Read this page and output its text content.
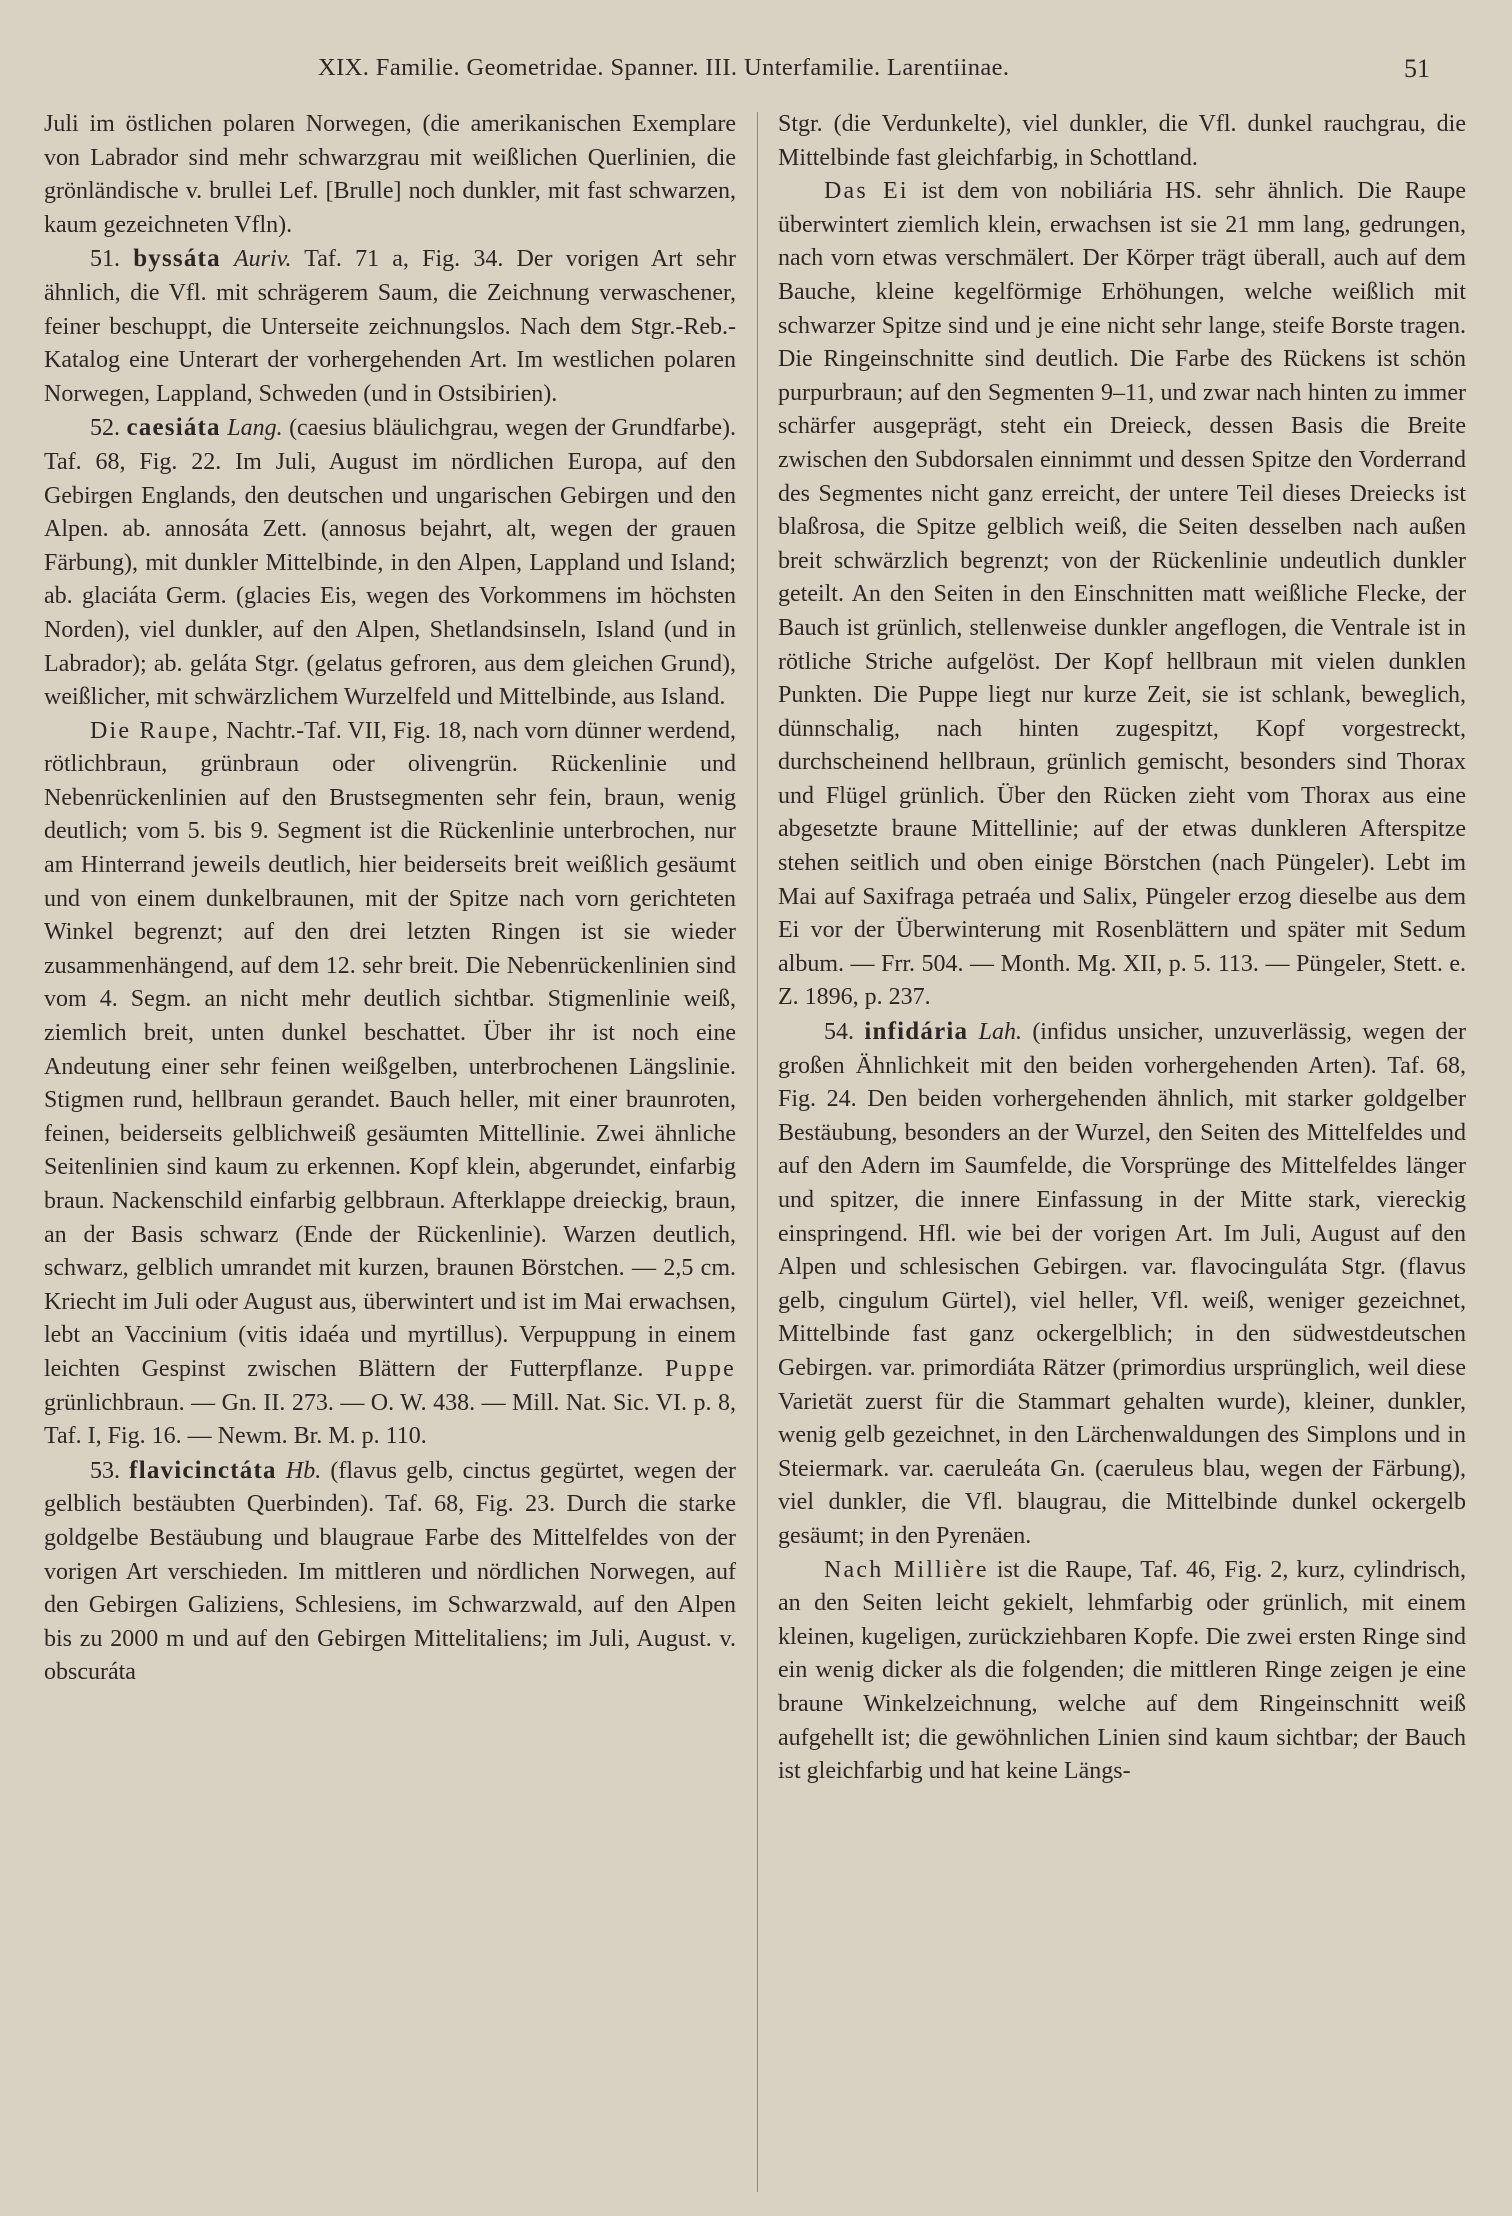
XIX. Familie. Geometridae. Spanner. III. Unterfamilie. Larentiinae.	51

Juli im östlichen polaren Norwegen, (die amerikanischen Exemplare von Labrador sind mehr schwarzgrau mit weißlichen Querlinien, die grönländische v. brullei Lef. [Brulle] noch dunkler, mit fast schwarzen, kaum gezeichneten Vfln).

51. byssáta Auriv. Taf. 71 a, Fig. 34. Der vorigen Art sehr ähnlich, die Vfl. mit schrägerem Saum, die Zeichnung verwaschener, feiner beschuppt, die Unterseite zeichnungslos. Nach dem Stgr.-Reb.-Katalog eine Unterart der vorhergehenden Art. Im westlichen polaren Norwegen, Lappland, Schweden (und in Ostsibirien).

52. caesiáta Lang. (caesius bläulichgrau, wegen der Grundfarbe). Taf. 68, Fig. 22. Im Juli, August im nördlichen Europa, auf den Gebirgen Englands, den deutschen und ungarischen Gebirgen und den Alpen. ab. annosáta Zett. (annosus bejahrt, alt, wegen der grauen Färbung), mit dunkler Mittelbinde, in den Alpen, Lappland und Island; ab. glaciáta Germ. (glacies Eis, wegen des Vorkommens im höchsten Norden), viel dunkler, auf den Alpen, Shetlandsinseln, Island (und in Labrador); ab. geláta Stgr. (gelatus gefroren, aus dem gleichen Grund), weißlicher, mit schwärzlichem Wurzelfeld und Mittelbinde, aus Island.

Die Raupe, Nachtr.-Taf. VII, Fig. 18, nach vorn dünner werdend, rötlichbraun, grünbraun oder olivengrün. Rückenlinie und Nebenrückenlinien auf den Brustsegmenten sehr fein, braun, wenig deutlich; vom 5. bis 9. Segment ist die Rückenlinie unterbrochen, nur am Hinterrand jeweils deutlich, hier beiderseits breit weißlich gesäumt und von einem dunkelbraunen, mit der Spitze nach vorn gerichteten Winkel begrenzt; auf den drei letzten Ringen ist sie wieder zusammenhängend, auf dem 12. sehr breit. Die Nebenrückenlinien sind vom 4. Segm. an nicht mehr deutlich sichtbar. Stigmenlinie weiß, ziemlich breit, unten dunkel beschattet. Über ihr ist noch eine Andeutung einer sehr feinen weißgelben, unterbrochenen Längslinie. Stigmen rund, hellbraun gerandet. Bauch heller, mit einer braunroten, feinen, beiderseits gelblichweiß gesäumten Mittellinie. Zwei ähnliche Seitenlinien sind kaum zu erkennen. Kopf klein, abgerundet, einfarbig braun. Nackenschild einfarbig gelbbraun. Afterklappe dreieckig, braun, an der Basis schwarz (Ende der Rückenlinie). Warzen deutlich, schwarz, gelblich umrandet mit kurzen, braunen Börstchen. — 2,5 cm. Kriecht im Juli oder August aus, überwintert und ist im Mai erwachsen, lebt an Vaccinium (vitis idaéa und myrtillus). Verpuppung in einem leichten Gespinst zwischen Blättern der Futterpflanze. Puppe grünlichbraun. — Gn. II. 273. — O. W. 438. — Mill. Nat. Sic. VI. p. 8, Taf. I, Fig. 16. — Newm. Br. M. p. 110.

53. flavicinctáta Hb. (flavus gelb, cinctus gegürtet, wegen der gelblich bestäubten Querbinden). Taf. 68, Fig. 23. Durch die starke goldgelbe Bestäubung und blaugraue Farbe des Mittelfeldes von der vorigen Art verschieden. Im mittleren und nördlichen Norwegen, auf den Gebirgen Galiziens, Schlesiens, im Schwarzwald, auf den Alpen bis zu 2000 m und auf den Gebirgen Mittelitaliens; im Juli, August. v. obscuráta

Stgr. (die Verdunkelte), viel dunkler, die Vfl. dunkel rauchgrau, die Mittelbinde fast gleichfarbig, in Schottland.

Das Ei ist dem von nobiliária HS. sehr ähnlich. Die Raupe überwintert ziemlich klein, erwachsen ist sie 21 mm lang, gedrungen, nach vorn etwas verschmälert. Der Körper trägt überall, auch auf dem Bauche, kleine kegelförmige Erhöhungen, welche weißlich mit schwarzer Spitze sind und je eine nicht sehr lange, steife Borste tragen. Die Ringeinschnitte sind deutlich. Die Farbe des Rückens ist schön purpurbraun; auf den Segmenten 9–11, und zwar nach hinten zu immer schärfer ausgeprägt, steht ein Dreieck, dessen Basis die Breite zwischen den Subdorsalen einnimmt und dessen Spitze den Vorderrand des Segmentes nicht ganz erreicht, der untere Teil dieses Dreiecks ist blaßrosa, die Spitze gelblich weiß, die Seiten desselben nach außen breit schwärzlich begrenzt; von der Rückenlinie undeutlich dunkler geteilt. An den Seiten in den Einschnitten matt weißliche Flecke, der Bauch ist grünlich, stellenweise dunkler angeflogen, die Ventrale ist in rötliche Striche aufgelöst. Der Kopf hellbraun mit vielen dunklen Punkten. Die Puppe liegt nur kurze Zeit, sie ist schlank, beweglich, dünnschalig, nach hinten zugespitzt, Kopf vorgestreckt, durchscheinend hellbraun, grünlich gemischt, besonders sind Thorax und Flügel grünlich. Über den Rücken zieht vom Thorax aus eine abgesetzte braune Mittellinie; auf der etwas dunkleren Afterspitze stehen seitlich und oben einige Börstchen (nach Püngeler). Lebt im Mai auf Saxifraga petraéa und Salix, Püngeler erzog dieselbe aus dem Ei vor der Überwinterung mit Rosenblättern und später mit Sedum album. — Frr. 504. — Month. Mg. XII, p. 5. 113. — Püngeler, Stett. e. Z. 1896, p. 237.

54. infidária Lah. (infidus unsicher, unzuverlässig, wegen der großen Ähnlichkeit mit den beiden vorhergehenden Arten). Taf. 68, Fig. 24. Den beiden vorhergehenden ähnlich, mit starker goldgelber Bestäubung, besonders an der Wurzel, den Seiten des Mittelfeldes und auf den Adern im Saumfelde, die Vorsprünge des Mittelfeldes länger und spitzer, die innere Einfassung in der Mitte stark, viereckig einspringend. Hfl. wie bei der vorigen Art. Im Juli, August auf den Alpen und schlesischen Gebirgen. var. flavocinguláta Stgr. (flavus gelb, cingulum Gürtel), viel heller, Vfl. weiß, weniger gezeichnet, Mittelbinde fast ganz ockergelblich; in den südwestdeutschen Gebirgen. var. primordiáta Rätzer (primordius ursprünglich, weil diese Varietät zuerst für die Stammart gehalten wurde), kleiner, dunkler, wenig gelb gezeichnet, in den Lärchenwaldungen des Simplons und in Steiermark. var. caeruleáta Gn. (caeruleus blau, wegen der Färbung), viel dunkler, die Vfl. blaugrau, die Mittelbinde dunkel ockergelb gesäumt; in den Pyrenäen.

Nach Millière ist die Raupe, Taf. 46, Fig. 2, kurz, cylindrisch, an den Seiten leicht gekielt, lehmfarbig oder grünlich, mit einem kleinen, kugeligen, zurückziehbaren Kopfe. Die zwei ersten Ringe sind ein wenig dicker als die folgenden; die mittleren Ringe zeigen je eine braune Winkelzeichnung, welche auf dem Ringeinschnitt weiß aufgehellt ist; die gewöhnlichen Linien sind kaum sichtbar; der Bauch ist gleichfarbig und hat keine Längs-
